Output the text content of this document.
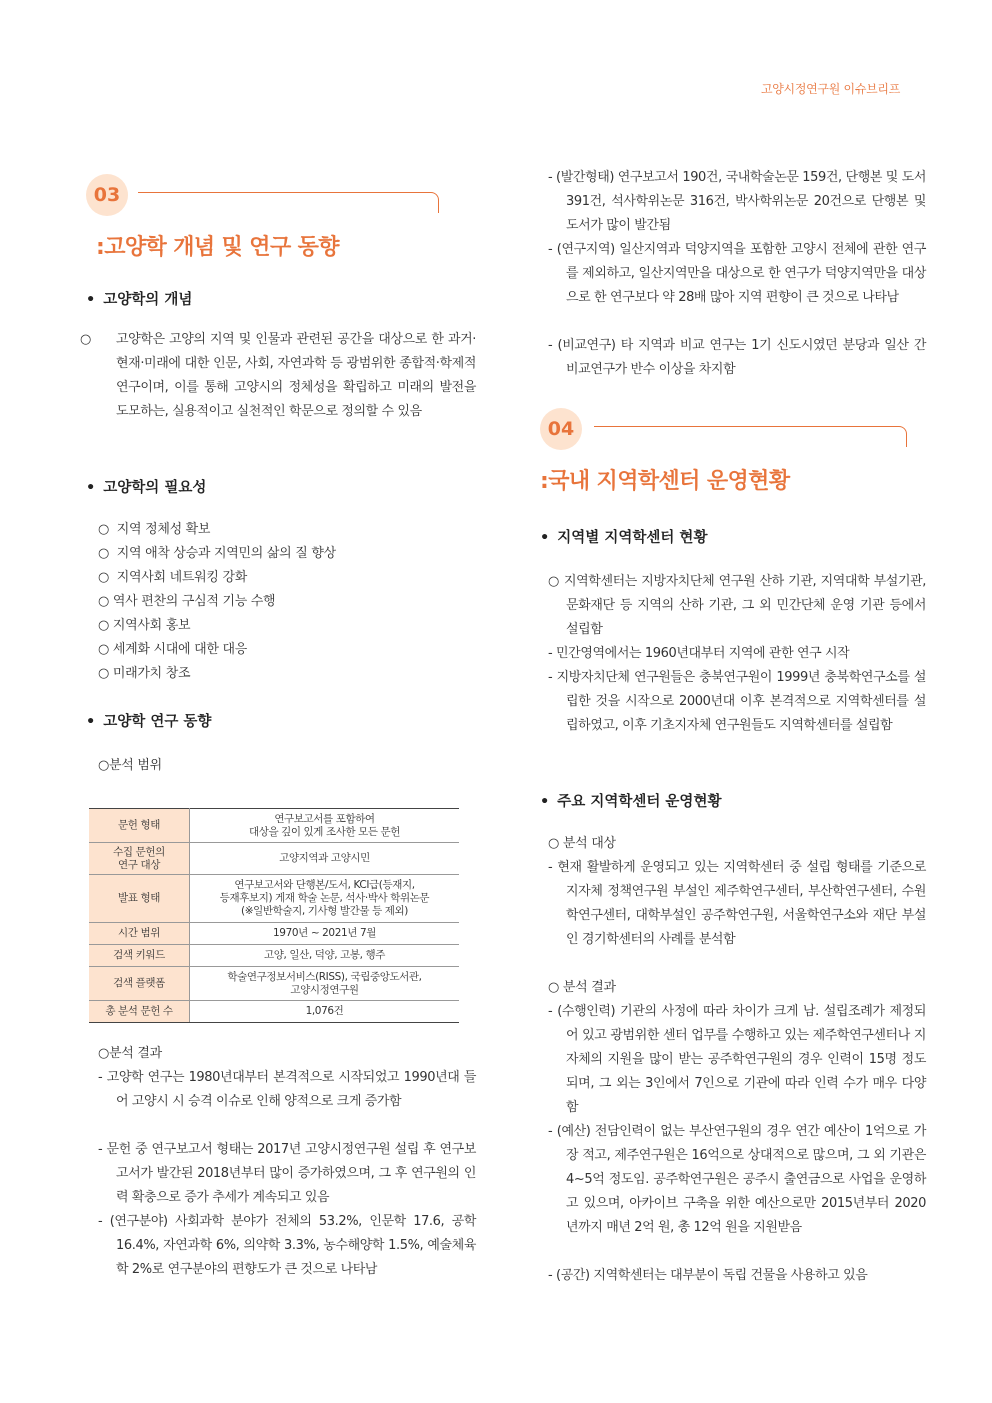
고양시정연구원 이슈브리프
03
:고양학 개념 및 연구 동향
• 고양학의 개념
○ 고양학은 고양의 지역 및 인물과 관련된 공간을 대상으로 한 과거·현재·미래에 대한 인문, 사회, 자연과학 등 광범위한 종합적·학제적 연구이며, 이를 통해 고양시의 정체성을 확립하고 미래의 발전을 도모하는, 실용적이고 실천적인 학문으로 정의할 수 있음
• 고양학의 필요성
○  지역 정체성 확보
○  지역 애착 상승과 지역민의 삶의 질 향상
○  지역사회 네트워킹 강화
○ 역사 편찬의 구심적 기능 수행
○ 지역사회 홍보
○ 세계화 시대에 대한 대응
○ 미래가치 창조
• 고양학 연구 동향
○분석 범위
○분석 결과
- 고양학 연구는 1980년대부터 본격적으로 시작되었고 1990년대 들어 고양시 시 승격 이슈로 인해 양적으로 크게 증가함
- 문헌 중 연구보고서 형태는 2017년 고양시정연구원 설립 후 연구보고서가 발간된 2018년부터 많이 증가하였으며, 그 후 연구원의 인력 확충으로 증가 추세가 계속되고 있음
- (연구분야) 사회과학 분야가 전체의 53.2%, 인문학 17.6, 공학 16.4%, 자연과학 6%, 의약학 3.3%, 농수해양학 1.5%, 예술체육학 2%로 연구분야의 편향도가 큰 것으로 나타남
문헌 형태	연구보고서를 포함하여
대상을 깊이 있게 조사한 모든 문헌
수집 문헌의
연구 대상	고양지역과 고양시민
발표 형태	연구보고서와 단행본/도서, KCI급(등재지,
등재후보지) 게재 학술 논문, 석사·박사 학위논문
(※일반학술지, 기사형 발간물 등 제외)
시간 범위	1970년 ~ 2021년 7월
검색 키워드	고양, 일산, 덕양, 고봉, 행주
검색 플랫폼	학술연구정보서비스(RISS), 국립중앙도서관,
고양시정연구원
총 분석 문헌 수	1,076건
- (발간형태) 연구보고서 190건, 국내학술논문 159건, 단행본 및 도서 391건, 석사학위논문 316건, 박사학위논문 20건으로 단행본 및 도서가 많이 발간됨
- (연구지역) 일산지역과 덕양지역을 포함한 고양시 전체에 관한 연구를 제외하고, 일산지역만을 대상으로 한 연구가 덕양지역만을 대상으로 한 연구보다 약 28배 많아 지역 편향이 큰 것으로 나타남
- (비교연구) 타 지역과 비교 연구는 1기 신도시였던 분당과 일산 간 비교연구가 반수 이상을 차지함
04
:국내 지역학센터 운영현황
• 지역별 지역학센터 현황
○ 지역학센터는 지방자치단체 연구원 산하 기관, 지역대학 부설기관, 문화재단 등 지역의 산하 기관, 그 외 민간단체 운영 기관 등에서 설립함
- 민간영역에서는 1960년대부터 지역에 관한 연구 시작
- 지방자치단체 연구원들은 충북연구원이 1999년 충북학연구소를 설립한 것을 시작으로 2000년대 이후 본격적으로 지역학센터를 설립하였고, 이후 기초지자체 연구원들도 지역학센터를 설립함
• 주요 지역학센터 운영현황
○ 분석 대상
- 현재 활발하게 운영되고 있는 지역학센터 중 설립 형태를 기준으로 지자체 정책연구원 부설인 제주학연구센터, 부산학연구센터, 수원학연구센터, 대학부설인 공주학연구원, 서울학연구소와 재단 부설인 경기학센터의 사례를 분석함
○ 분석 결과
- (수행인력) 기관의 사정에 따라 차이가 크게 남. 설립조례가 제정되어 있고 광범위한 센터 업무를 수행하고 있는 제주학연구센터나 지자체의 지원을 많이 받는 공주학연구원의 경우 인력이 15명 정도 되며, 그 외는 3인에서 7인으로 기관에 따라 인력 수가 매우 다양함
- (예산) 전담인력이 없는 부산연구원의 경우 연간 예산이 1억으로 가장 적고, 제주연구원은 16억으로 상대적으로 많으며, 그 외 기관은 4~5억 정도임. 공주학연구원은 공주시 출연금으로 사업을 운영하고 있으며, 아카이브 구축을 위한 예산으로만 2015년부터 2020년까지 매년 2억 원, 총 12억 원을 지원받음
- (공간) 지역학센터는 대부분이 독립 건물을 사용하고 있음
